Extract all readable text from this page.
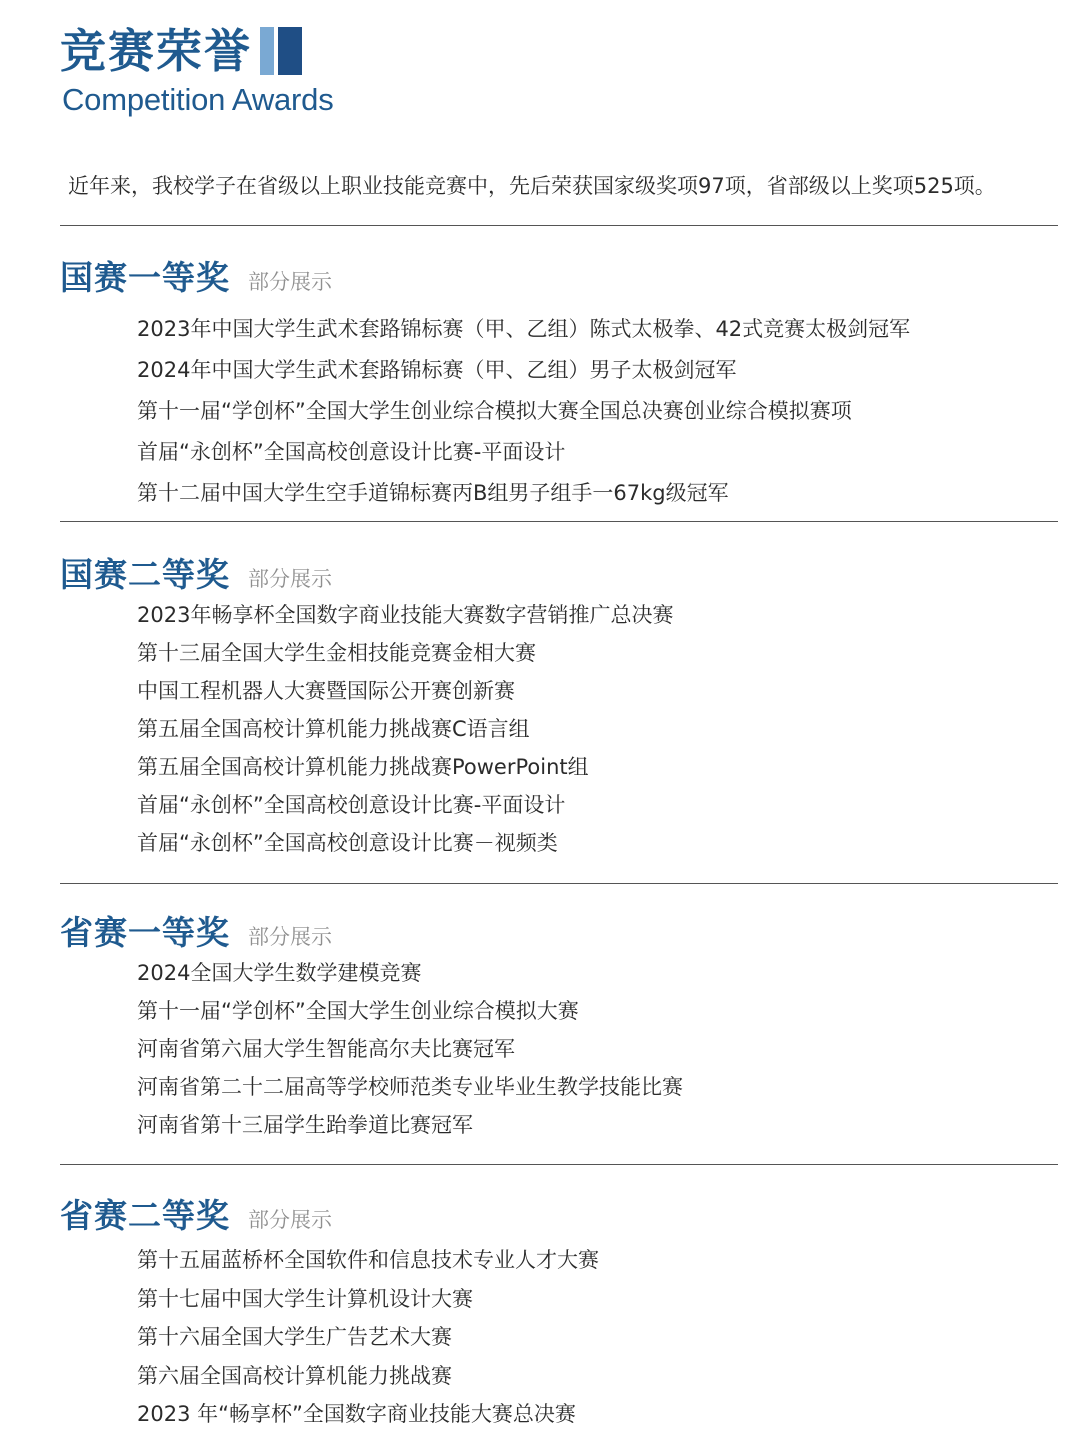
竞赛荣誉
Competition Awards
近年来，我校学子在省级以上职业技能竞赛中，先后荣获国家级奖项97项，省部级以上奖项525项。
国赛一等奖 部分展示
2023年中国大学生武术套路锦标赛（甲、乙组）陈式太极拳、42式竞赛太极剑冠军
2024年中国大学生武术套路锦标赛（甲、乙组）男子太极剑冠军
第十一届“学创杯”全国大学生创业综合模拟大赛全国总决赛创业综合模拟赛项
首届“永创杯”全国高校创意设计比赛-平面设计
第十二届中国大学生空手道锦标赛丙B组男子组手一67kg级冠军
国赛二等奖 部分展示
2023年畅享杯全国数字商业技能大赛数字营销推广总决赛
第十三届全国大学生金相技能竞赛金相大赛
中国工程机器人大赛暨国际公开赛创新赛
第五届全国高校计算机能力挑战赛C语言组
第五届全国高校计算机能力挑战赛PowerPoint组
首届“永创杯”全国高校创意设计比赛-平面设计
首届“永创杯”全国高校创意设计比赛－视频类
省赛一等奖 部分展示
2024全国大学生数学建模竞赛
第十一届“学创杯”全国大学生创业综合模拟大赛
河南省第六届大学生智能高尔夫比赛冠军
河南省第二十二届高等学校师范类专业毕业生教学技能比赛
河南省第十三届学生跆拳道比赛冠军
省赛二等奖 部分展示
第十五届蓝桥杯全国软件和信息技术专业人才大赛
第十七届中国大学生计算机设计大赛
第十六届全国大学生广告艺术大赛
第六届全国高校计算机能力挑战赛
2023 年“畅享杯”全国数字商业技能大赛总决赛
